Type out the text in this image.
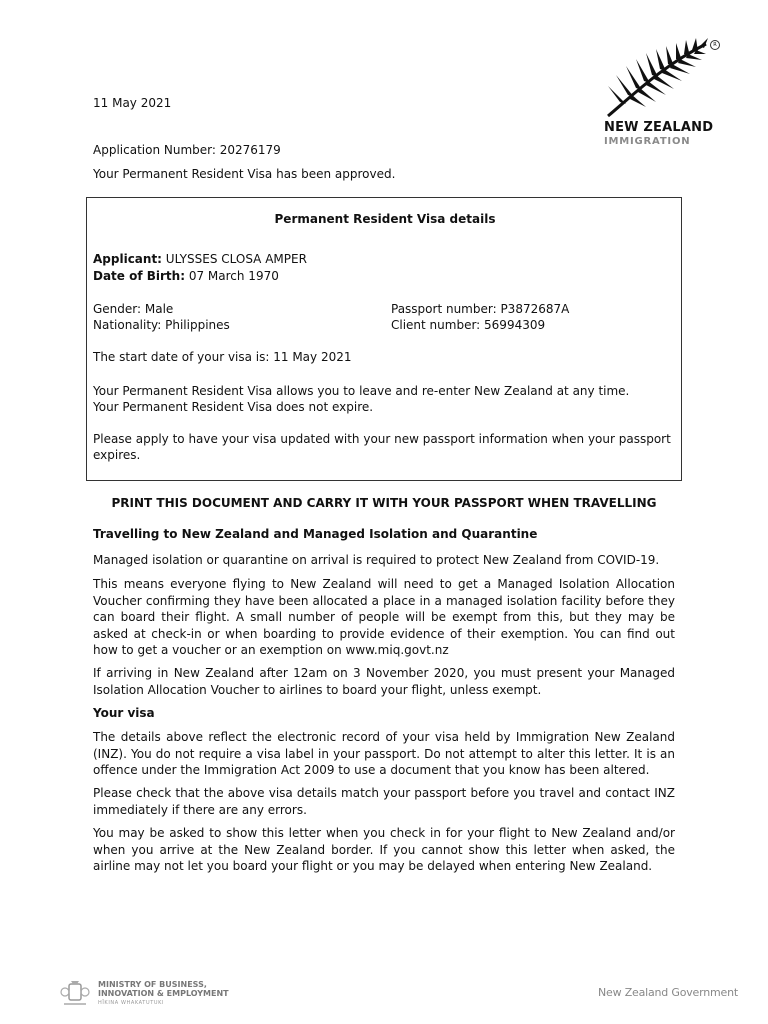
11 May 2021
Application Number: 20276179
Your Permanent Resident Visa has been approved.
R
NEW ZEALAND
IMMIGRATION
Permanent Resident Visa details
Applicant: ULYSSES CLOSA AMPER
Date of Birth: 07 March 1970
Gender: Male
Nationality: Philippines
Passport number: P3872687A
Client number: 56994309
The start date of your visa is: 11 May 2021
Your Permanent Resident Visa allows you to leave and re-enter New Zealand at any time.
Your Permanent Resident Visa does not expire.
Please apply to have your visa updated with your new passport information when your passport
expires.
PRINT THIS DOCUMENT AND CARRY IT WITH YOUR PASSPORT WHEN TRAVELLING
Travelling to New Zealand and Managed Isolation and Quarantine
Managed isolation or quarantine on arrival is required to protect New Zealand from COVID-19.
This means everyone flying to New Zealand will need to get a Managed Isolation Allocation Voucher confirming they have been allocated a place in a managed isolation facility before they can board their flight. A small number of people will be exempt from this, but they may be asked at check-in or when boarding to provide evidence of their exemption. You can find out how to get a voucher or an exemption on www.miq.govt.nz
If arriving in New Zealand after 12am on 3 November 2020, you must present your Managed Isolation Allocation Voucher to airlines to board your flight, unless exempt.
Your visa
The details above reflect the electronic record of your visa held by Immigration New Zealand (INZ). You do not require a visa label in your passport. Do not attempt to alter this letter. It is an offence under the Immigration Act 2009 to use a document that you know has been altered.
Please check that the above visa details match your passport before you travel and contact INZ immediately if there are any errors.
You may be asked to show this letter when you check in for your flight to New Zealand and/or when you arrive at the New Zealand border. If you cannot show this letter when asked, the airline may not let you board your flight or you may be delayed when entering New Zealand.
MINISTRY OF BUSINESS,
INNOVATION & EMPLOYMENT
HĪKINA WHAKATUTUKI
New Zealand Government
